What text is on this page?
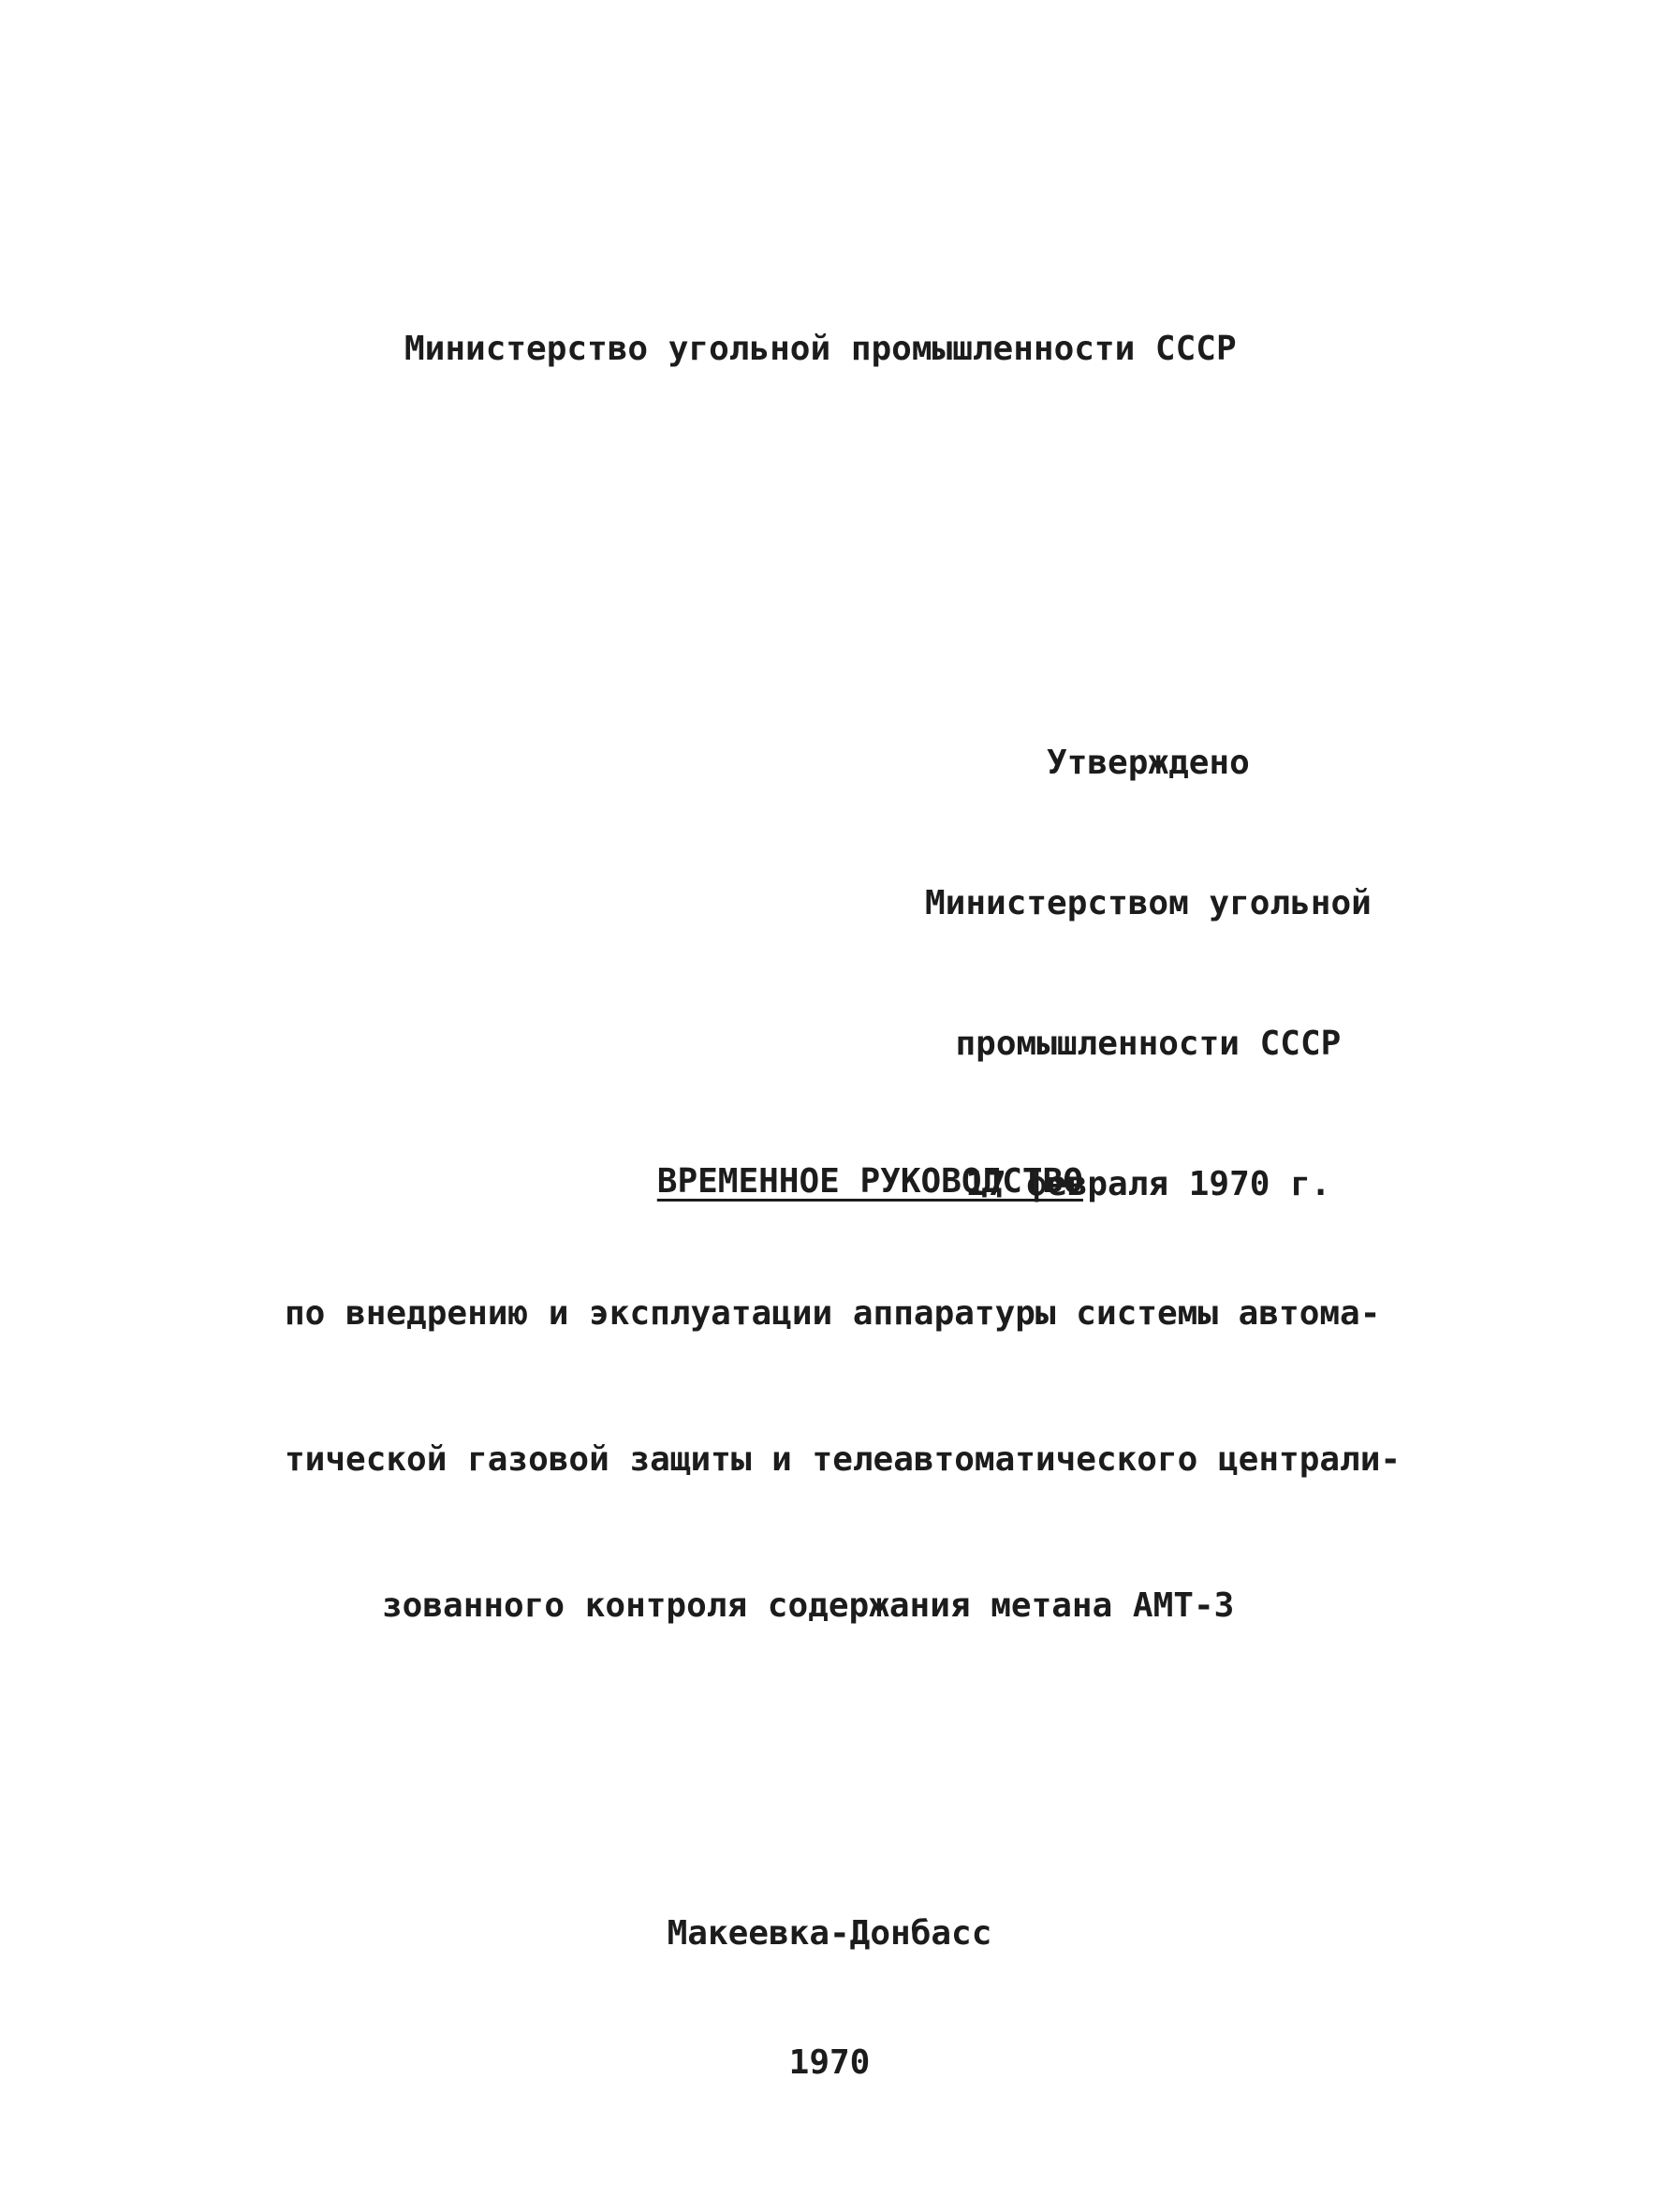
Министерство угольной промышленности СССР

Утверждено

Министерством угольной

промышленности СССР

17 февраля 1970 г.

ВРЕМЕННОЕ РУКОВОДСТВО

по внедрению и эксплуатации аппаратуры системы автома-

тической газовой защиты и телеавтоматического централи-

зованного контроля содержания метана АМТ-3

Макеевка-Донбасс

1970
